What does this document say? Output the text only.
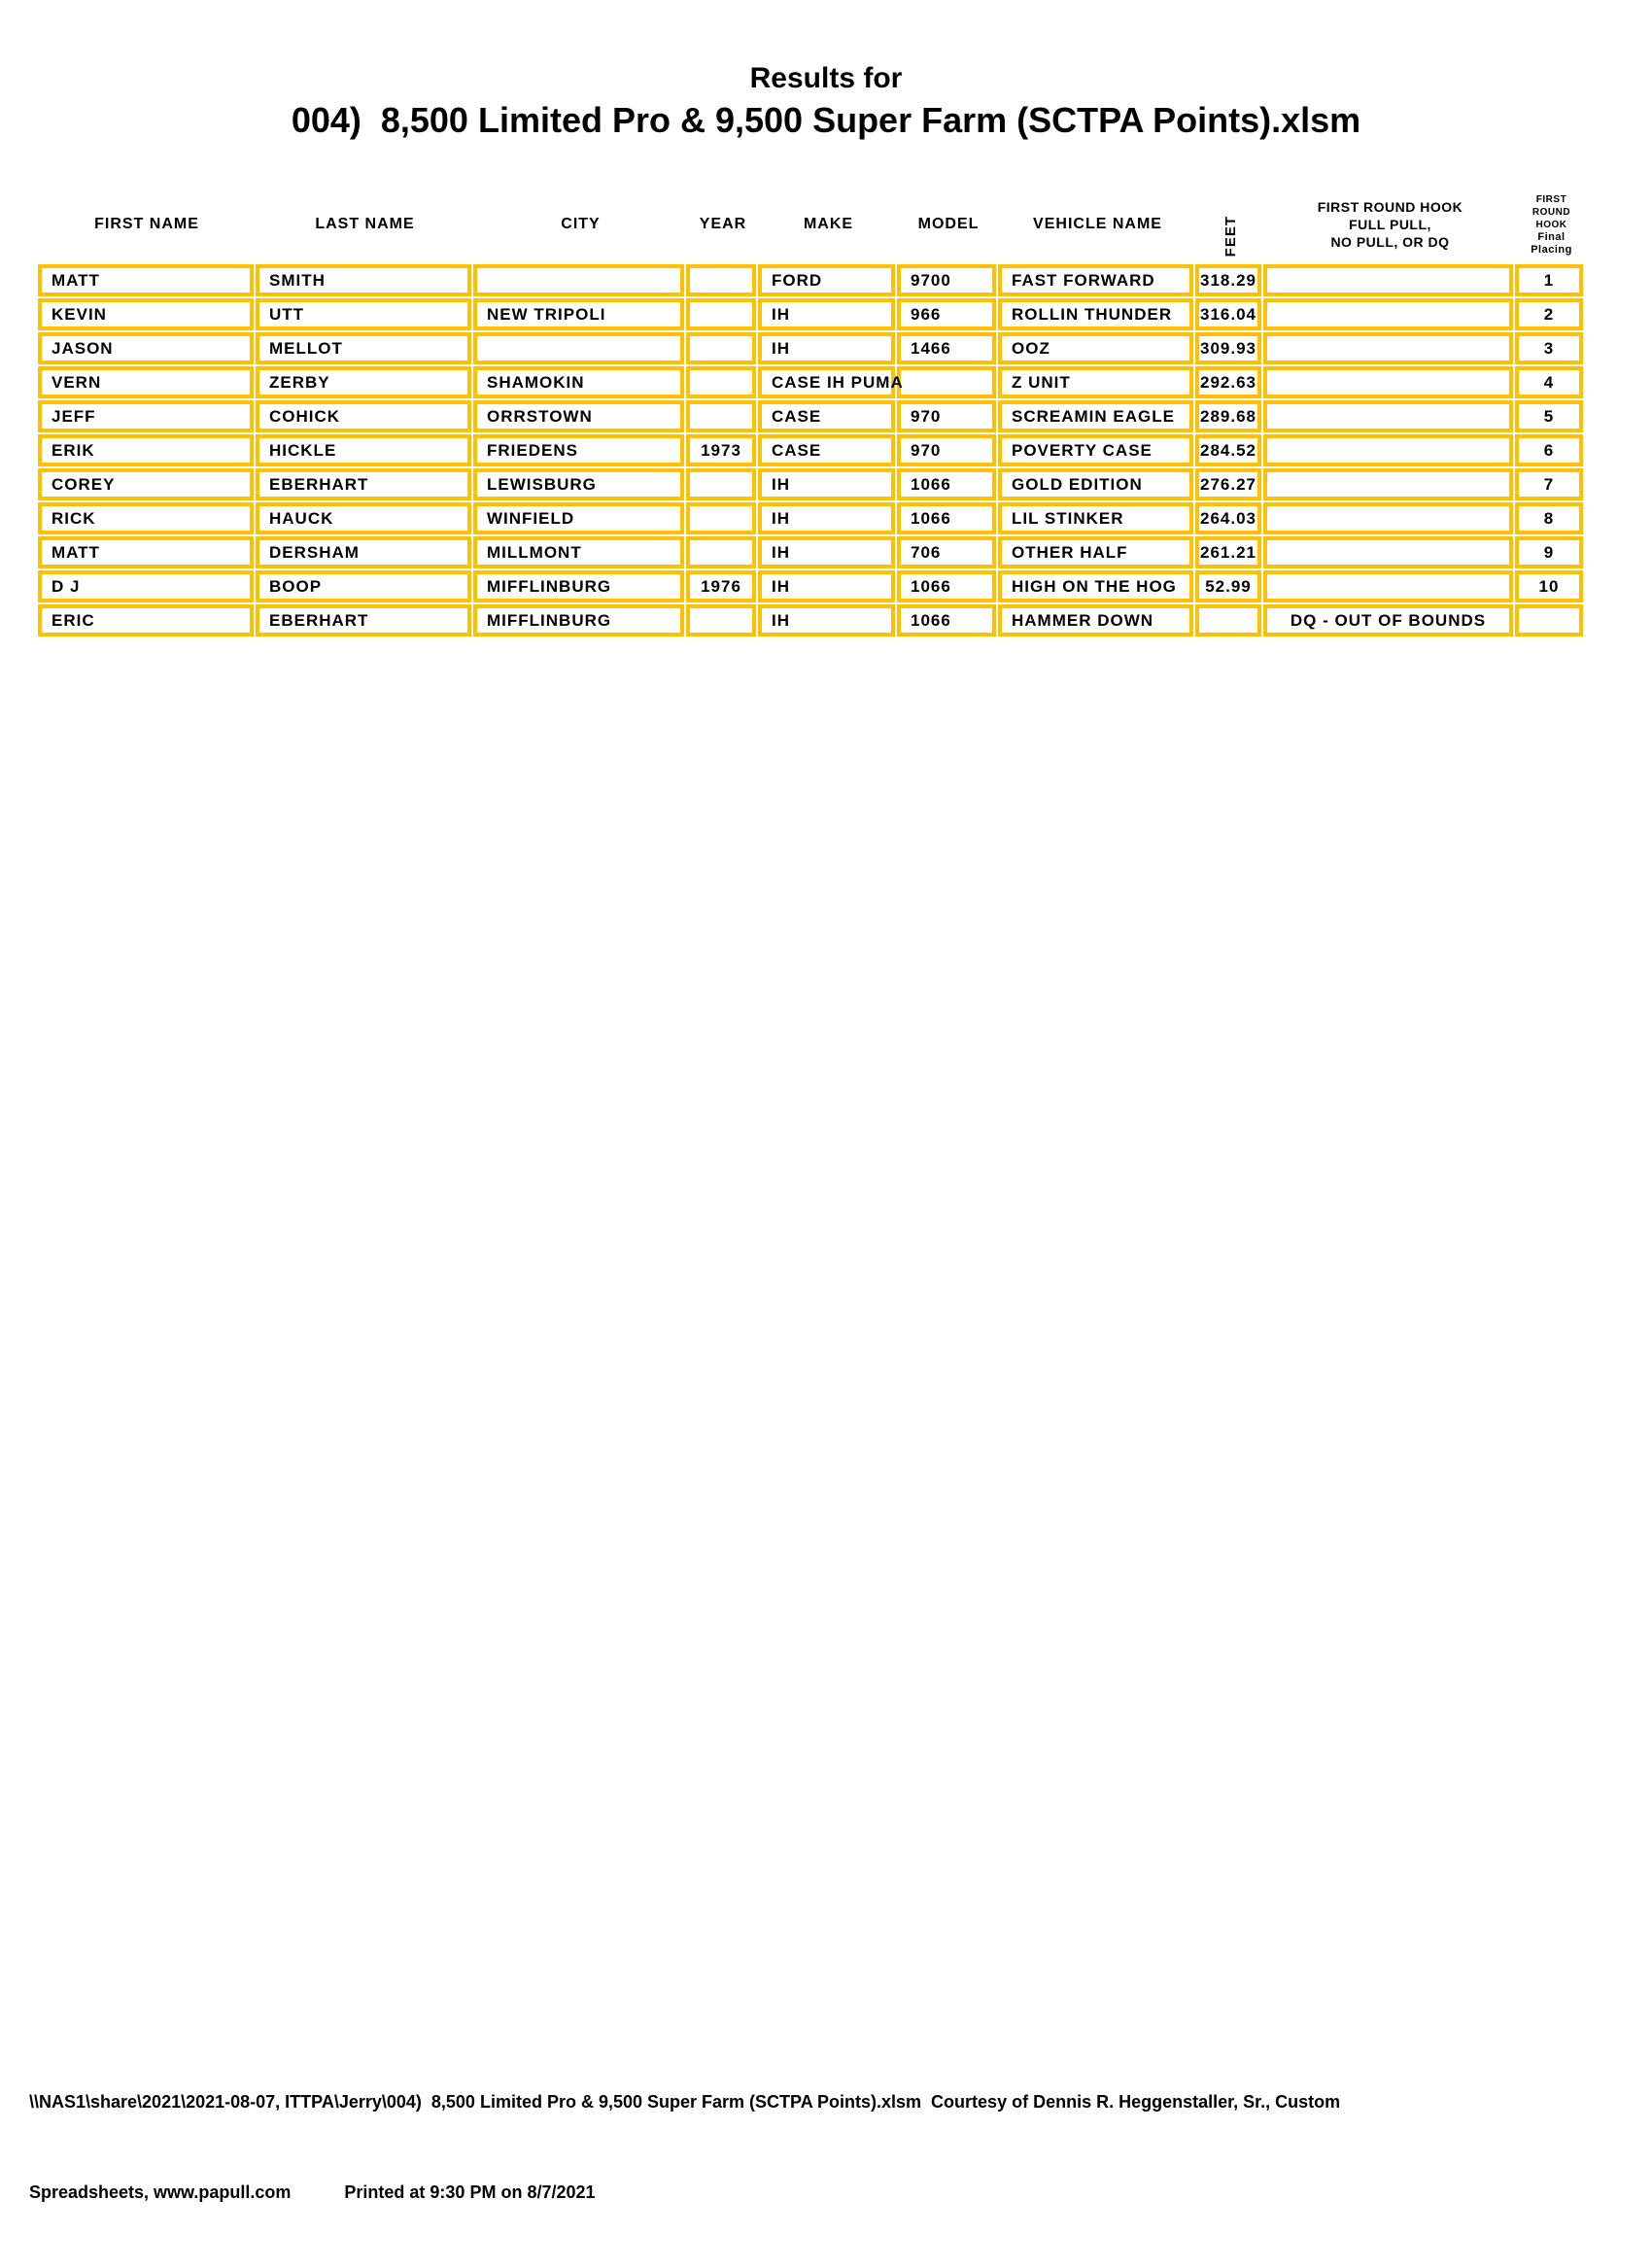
Results for
004)  8,500 Limited Pro & 9,500 Super Farm (SCTPA Points).xlsm
FIRST NAME	LAST NAME	CITY	YEAR	MAKE	MODEL	VEHICLE NAME	FEET
FIRST ROUND HOOK
FULL PULL,
NO PULL, OR DQ
FIRST ROUND
HOOK
Final Placing
MATT	SMITH			FORD	9700	FAST FORWARD	318.29		1
KEVIN	UTT	NEW TRIPOLI		IH	966	ROLLIN THUNDER	316.04		2
JASON	MELLOT			IH	1466	OOZ	309.93		3
VERN	ZERBY	SHAMOKIN		CASE IH PUMA		Z UNIT	292.63		4
JEFF	COHICK	ORRSTOWN		CASE	970	SCREAMIN EAGLE	289.68		5
ERIK	HICKLE	FRIEDENS	1973	CASE	970	POVERTY CASE	284.52		6
COREY	EBERHART	LEWISBURG		IH	1066	GOLD EDITION	276.27		7
RICK	HAUCK	WINFIELD		IH	1066	LIL STINKER	264.03		8
MATT	DERSHAM	MILLMONT		IH	706	OTHER HALF	261.21		9
D J	BOOP	MIFFLINBURG	1976	IH	1066	HIGH ON THE HOG	52.99		10
ERIC	EBERHART	MIFFLINBURG		IH	1066	HAMMER DOWN		DQ - OUT OF BOUNDS	

\\NAS1\share\2021\2021-08-07, ITTPA\Jerry\004)  8,500 Limited Pro & 9,500 Super Farm (SCTPA Points).xlsm  Courtesy of Dennis R. Heggenstaller, Sr., Custom

Spreadsheets, www.papull.com	Printed at 9:30 PM on 8/7/2021
